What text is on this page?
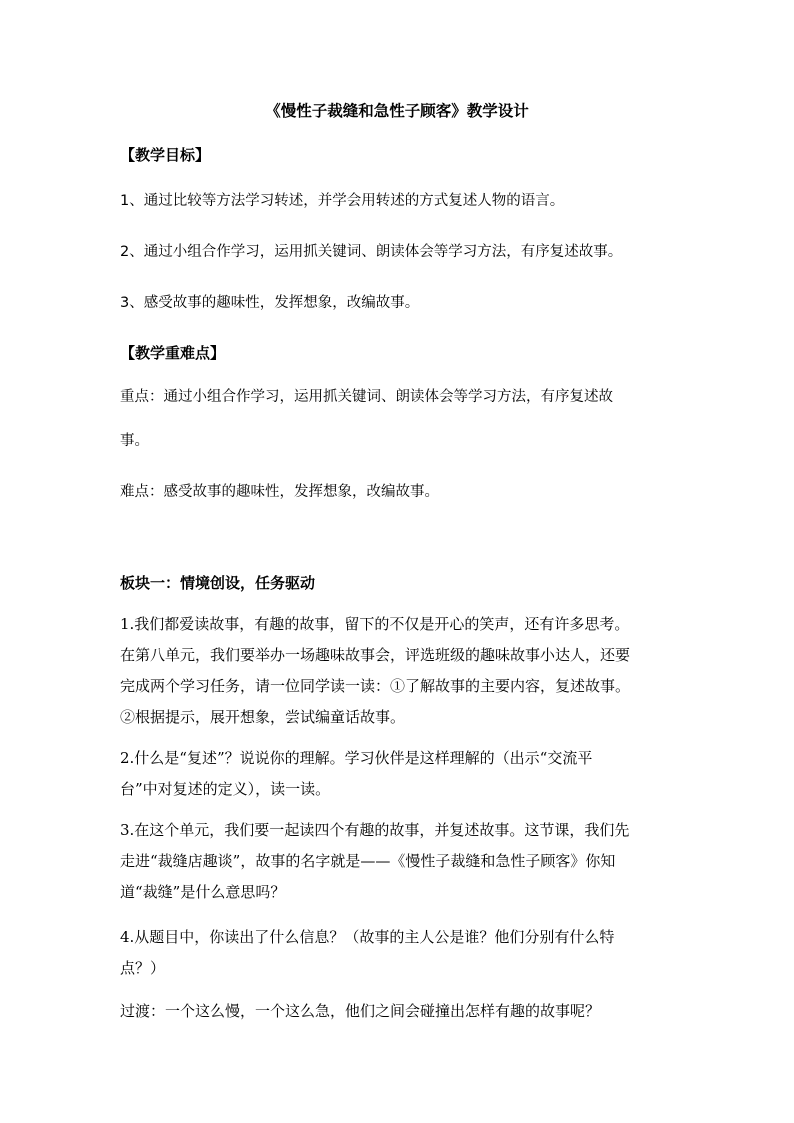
《慢性子裁缝和急性子顾客》教学设计
【教学目标】
1、通过比较等方法学习转述，并学会用转述的方式复述人物的语言。
2、通过小组合作学习，运用抓关键词、朗读体会等学习方法，有序复述故事。
3、感受故事的趣味性，发挥想象，改编故事。
【教学重难点】
重点：通过小组合作学习，运用抓关键词、朗读体会等学习方法，有序复述故
事。
难点：感受故事的趣味性，发挥想象，改编故事。
板块一：情境创设，任务驱动
1.我们都爱读故事，有趣的故事，留下的不仅是开心的笑声，还有许多思考。
在第八单元，我们要举办一场趣味故事会，评选班级的趣味故事小达人，还要
完成两个学习任务，请一位同学读一读：①了解故事的主要内容，复述故事。
②根据提示，展开想象，尝试编童话故事。
2.什么是“复述”？说说你的理解。学习伙伴是这样理解的（出示“交流平
台”中对复述的定义），读一读。
3.在这个单元，我们要一起读四个有趣的故事，并复述故事。这节课，我们先
走进“裁缝店趣谈”，故事的名字就是——《慢性子裁缝和急性子顾客》你知
道“裁缝”是什么意思吗？
4.从题目中，你读出了什么信息？（故事的主人公是谁？他们分别有什么特
点？）
过渡：一个这么慢，一个这么急，他们之间会碰撞出怎样有趣的故事呢？
